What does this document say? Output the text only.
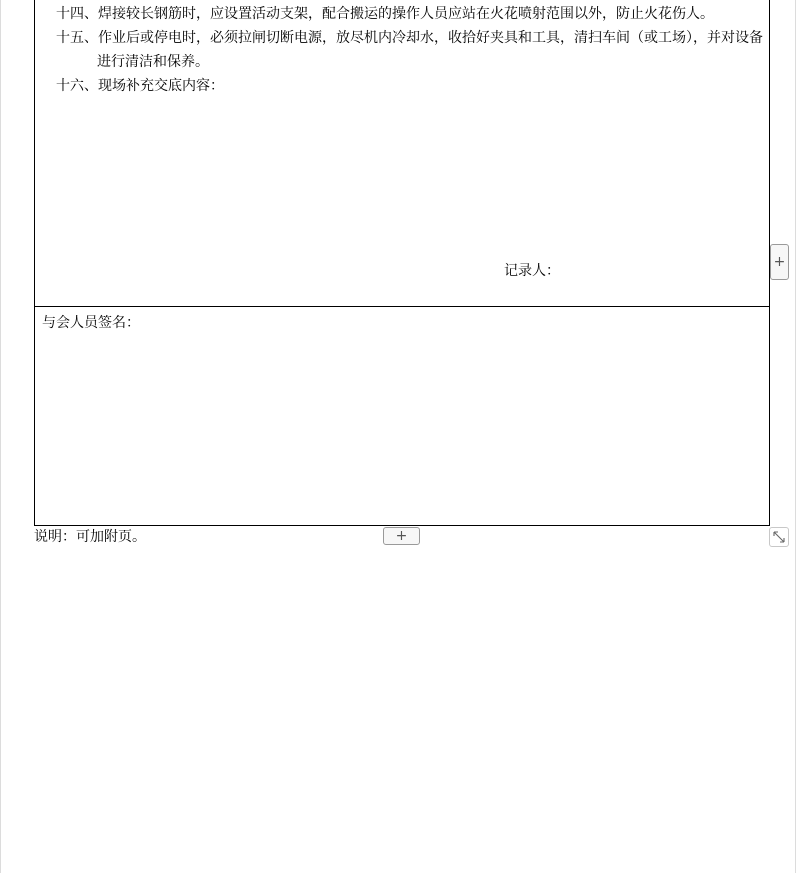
十四、焊接较长钢筋时，应设置活动支架，配合搬运的操作人员应站在火花喷射范围以外，防止火花伤人。
十五、作业后或停电时，必须拉闸切断电源，放尽机内冷却水，收拾好夹具和工具，清扫车间（或工场），并对设备
进行清洁和保养。
十六、现场补充交底内容：
记录人：
与会人员签名：
说明：可加附页。
+
+
